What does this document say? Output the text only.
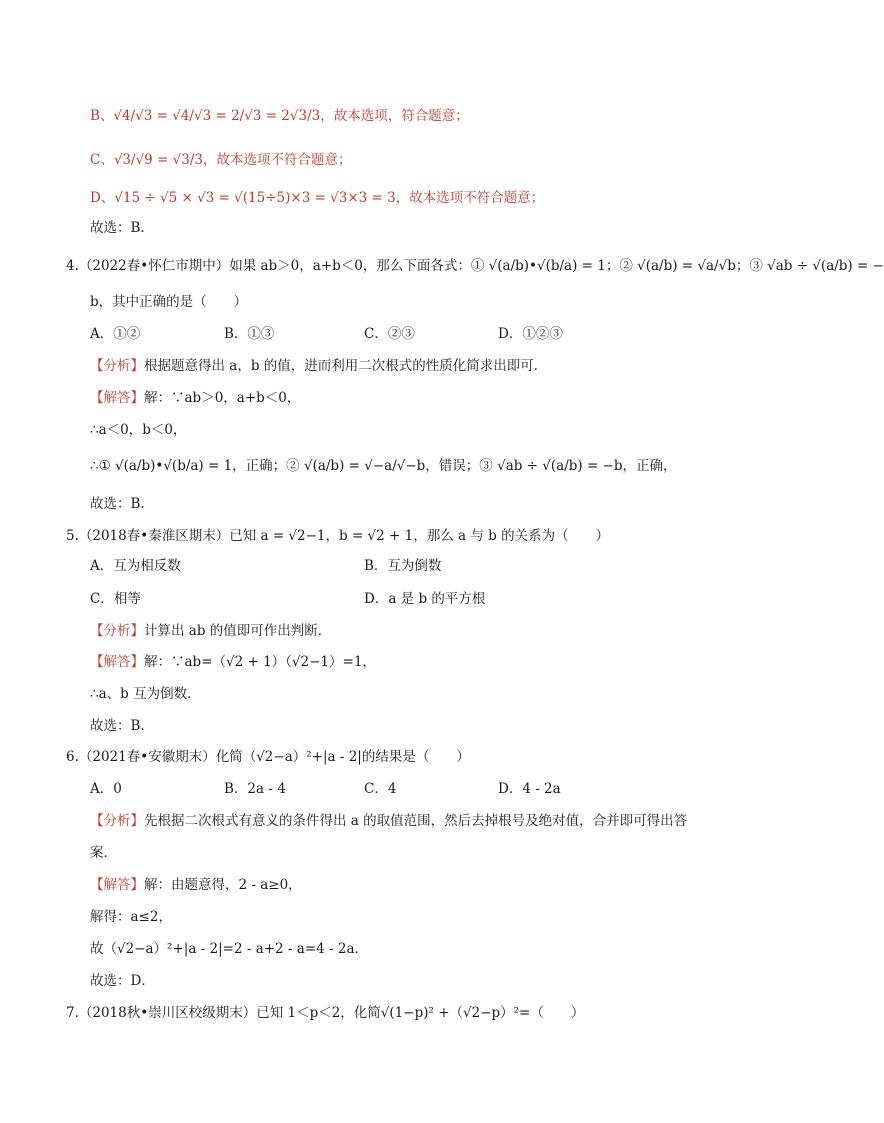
B、√4/√3 = √4/√3 = 2/√3 = 2√3/3，故本选项，符合题意；
C、√3/√9 = √3/3，故本选项不符合题意；
D、√15 ÷ √5 × √3 = √(15÷5)×3 = √3×3 = 3，故本选项不符合题意；
故选：B.
4.（2022春•怀仁市期中）如果 ab＞0，a+b＜0，那么下面各式：① √(a/b)•√(b/a) = 1；② √(a/b) = √a/√b；③ √ab ÷ √(a/b) = −
b，其中正确的是（　　）
A．①②	B．①③	C．②③	D．①②③
【分析】根据题意得出 a，b 的值，进而利用二次根式的性质化简求出即可．
【解答】解：∵ab＞0，a+b＜0，
∴a＜0，b＜0，
∴① √(a/b)•√(b/a) = 1，正确；② √(a/b) = √−a/√−b，错误；③ √ab ÷ √(a/b) = −b，正确，
故选：B.
5.（2018春•秦淮区期末）已知 a = √2−1，b = √2 + 1，那么 a 与 b 的关系为（　　）
A．互为相反数	B．互为倒数
C．相等	D．a 是 b 的平方根
【分析】计算出 ab 的值即可作出判断．
【解答】解：∵ab=（√2 + 1）（√2−1）=1，
∴a、b 互为倒数．
故选：B.
6.（2021春•安徽期末）化简（√2−a）²+|a - 2|的结果是（　　）
A．0	B．2a - 4	C．4	D．4 - 2a
【分析】先根据二次根式有意义的条件得出 a 的取值范围，然后去掉根号及绝对值，合并即可得出答
案．
【解答】解：由题意得，2 - a≥0，
解得：a≤2，
故（√2−a）²+|a - 2|=2 - a+2 - a=4 - 2a．
故选：D．
7.（2018秋•崇川区校级期末）已知 1＜p＜2，化简√(1−p)² +（√2−p）²=（　　）
